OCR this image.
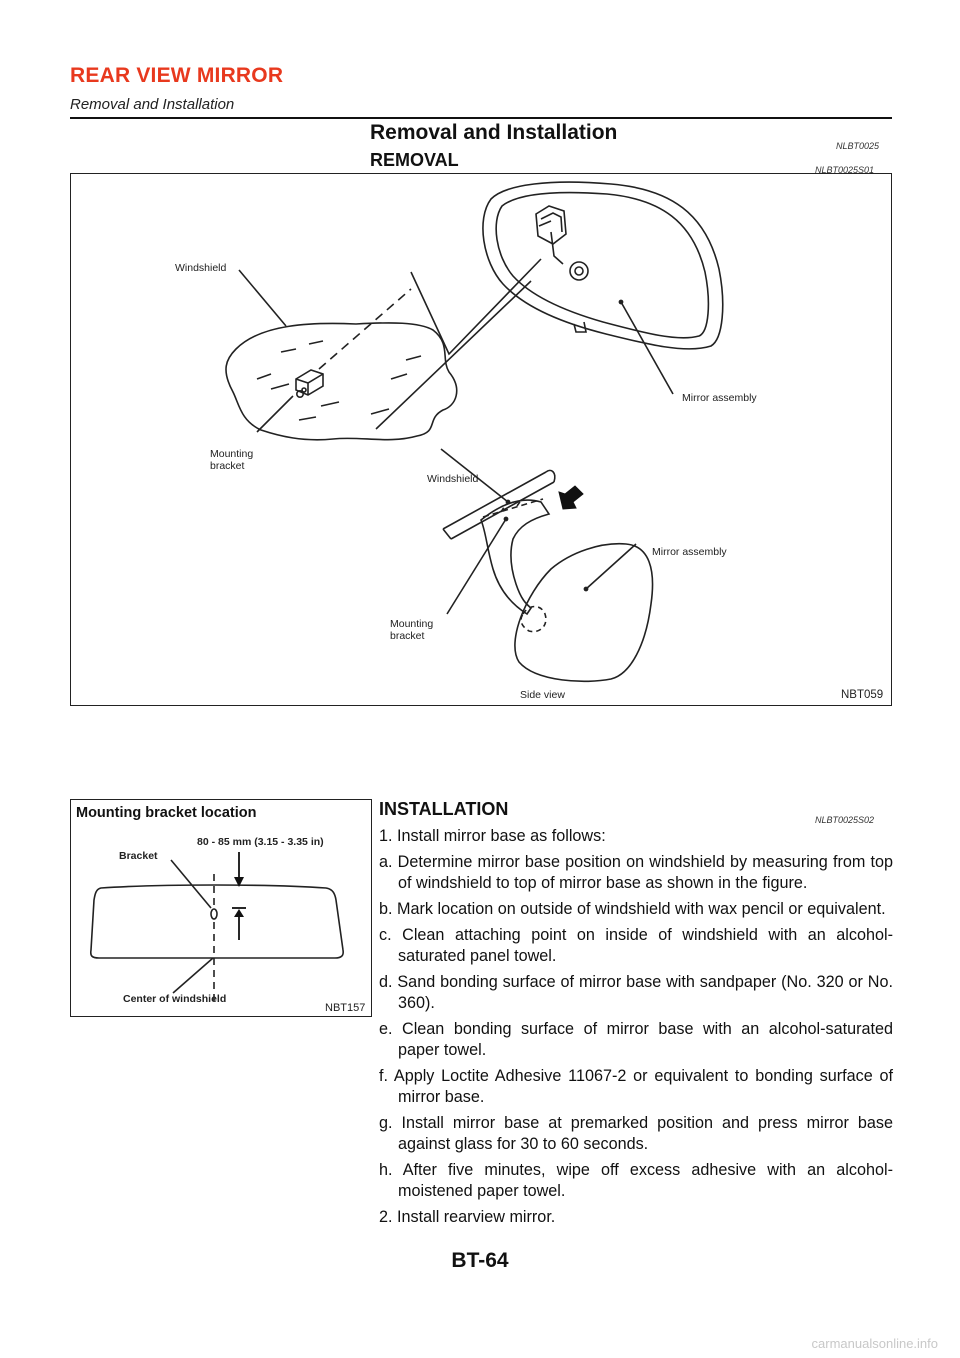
REAR VIEW MIRROR
Removal and Installation
Removal and Installation
NLBT0025
REMOVAL	NLBT0025S01
Windshield
Mirror assembly
Mounting
bracket
Windshield
Mirror assembly
Mounting
bracket
Side view	NBT059
Mounting bracket location
80 - 85 mm (3.15 - 3.35 in)
Bracket
Center of windshield
NBT157
INSTALLATION
NLBT0025S02
1. Install mirror base as follows:
a. Determine mirror base position on windshield by measuring from top of windshield to top of mirror base as shown in the figure.
b. Mark location on outside of windshield with wax pencil or equivalent.
c. Clean attaching point on inside of windshield with an alcohol-saturated panel towel.
d. Sand bonding surface of mirror base with sandpaper (No. 320 or No. 360).
e. Clean bonding surface of mirror base with an alcohol-saturated paper towel.
f. Apply Loctite Adhesive 11067-2 or equivalent to bonding surface of mirror base.
g. Install mirror base at premarked position and press mirror base against glass for 30 to 60 seconds.
h. After five minutes, wipe off excess adhesive with an alcohol-moistened paper towel.
2. Install rearview mirror.
BT-64
carmanualsonline.info
